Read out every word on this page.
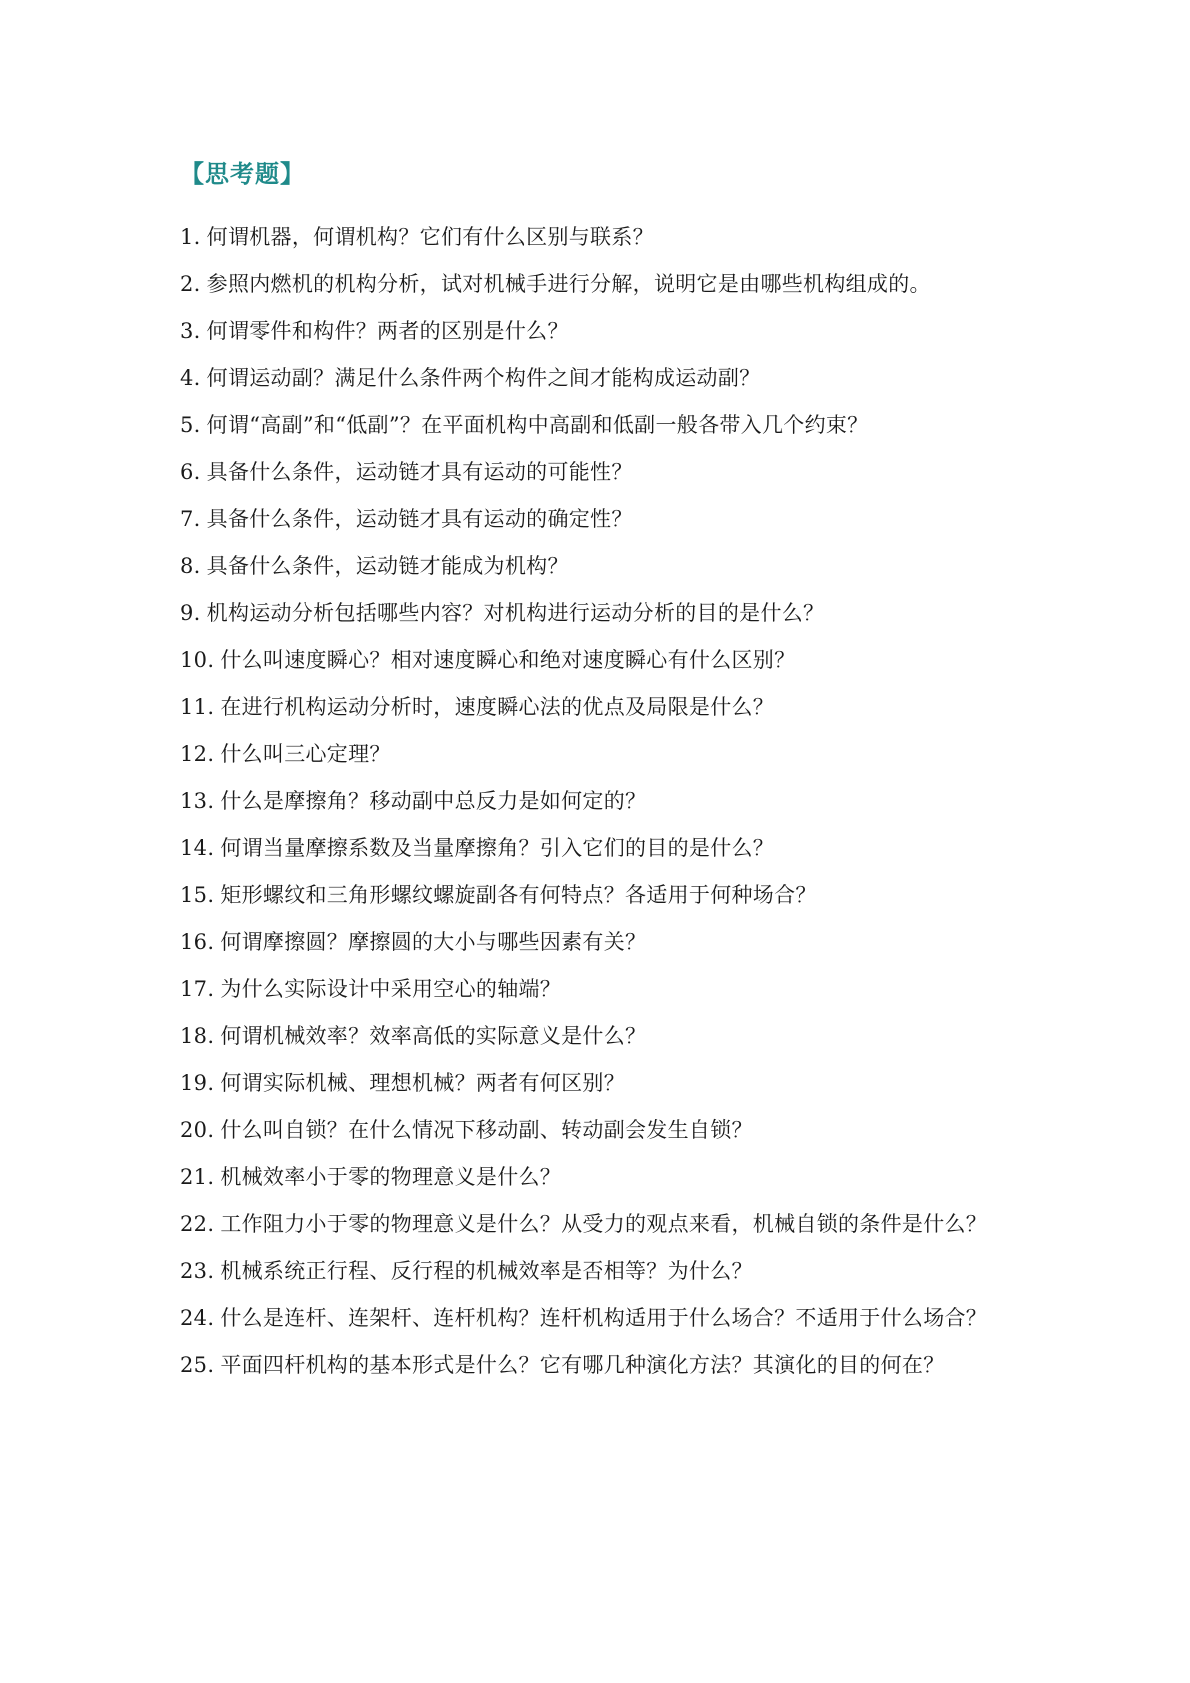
【思考题】
1. 何谓机器，何谓机构？它们有什么区别与联系？
2. 参照内燃机的机构分析，试对机械手进行分解，说明它是由哪些机构组成的。
3. 何谓零件和构件？两者的区别是什么？
4. 何谓运动副？满足什么条件两个构件之间才能构成运动副？
5. 何谓“高副”和“低副”？在平面机构中高副和低副一般各带入几个约束？
6. 具备什么条件，运动链才具有运动的可能性？
7. 具备什么条件，运动链才具有运动的确定性？
8. 具备什么条件，运动链才能成为机构？
9. 机构运动分析包括哪些内容？对机构进行运动分析的目的是什么？
10. 什么叫速度瞬心？相对速度瞬心和绝对速度瞬心有什么区别？
11. 在进行机构运动分析时，速度瞬心法的优点及局限是什么？
12. 什么叫三心定理？
13. 什么是摩擦角？移动副中总反力是如何定的？
14. 何谓当量摩擦系数及当量摩擦角？引入它们的目的是什么？
15. 矩形螺纹和三角形螺纹螺旋副各有何特点？各适用于何种场合？
16. 何谓摩擦圆？摩擦圆的大小与哪些因素有关？
17. 为什么实际设计中采用空心的轴端？
18. 何谓机械效率？效率高低的实际意义是什么？
19. 何谓实际机械、理想机械？两者有何区别？
20. 什么叫自锁？在什么情况下移动副、转动副会发生自锁？
21. 机械效率小于零的物理意义是什么？
22. 工作阻力小于零的物理意义是什么？从受力的观点来看，机械自锁的条件是什么？
23. 机械系统正行程、反行程的机械效率是否相等？为什么？
24. 什么是连杆、连架杆、连杆机构？连杆机构适用于什么场合？不适用于什么场合？
25. 平面四杆机构的基本形式是什么？它有哪几种演化方法？其演化的目的何在？
